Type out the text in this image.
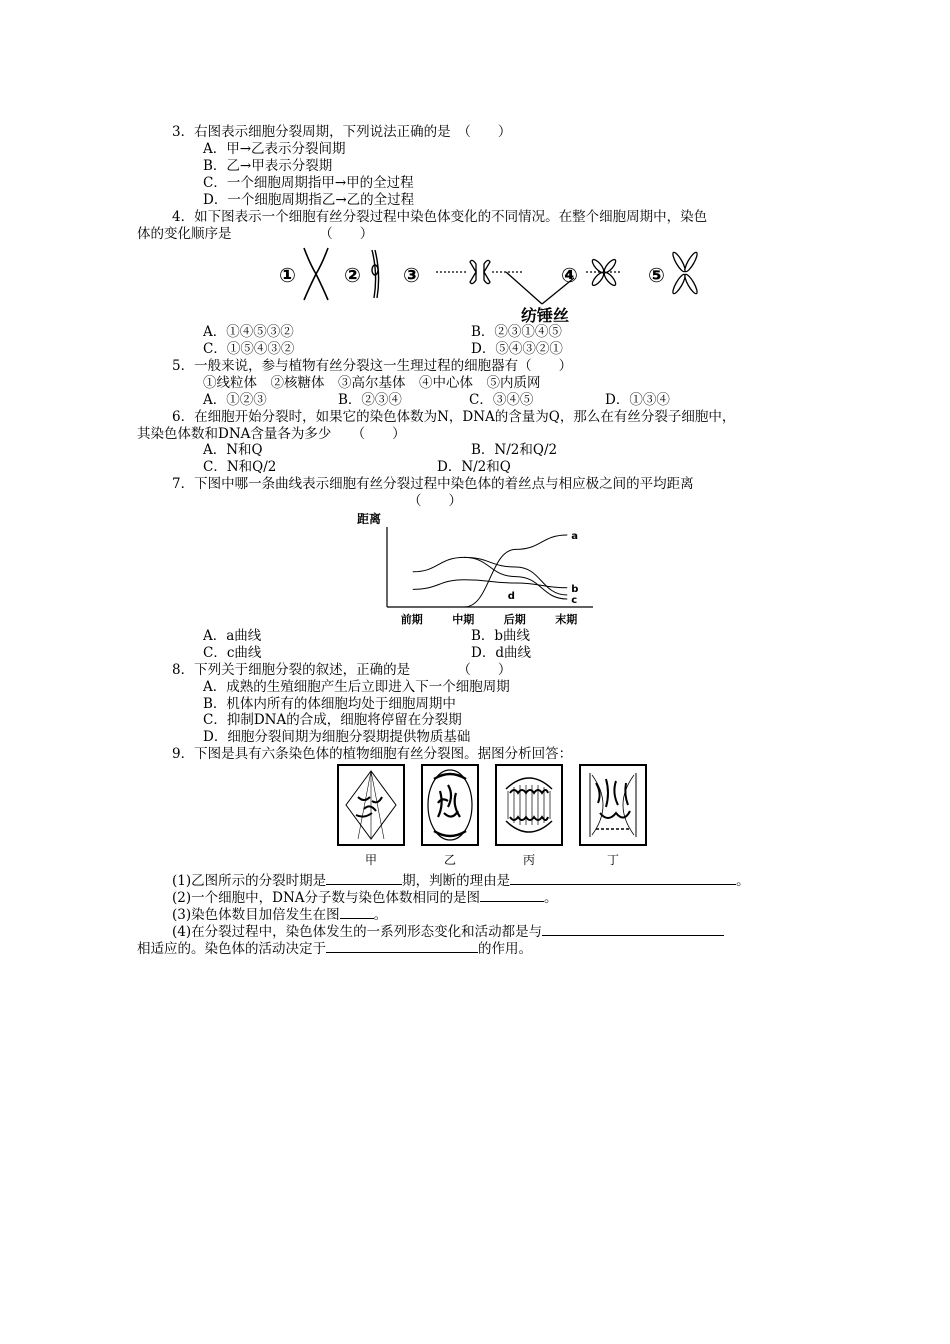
3．右图表示细胞分裂周期，下列说法正确的是　（　　）
A．甲→乙表示分裂间期
B．乙→甲表示分裂期
C．一个细胞周期指甲→甲的全过程
D．一个细胞周期指乙→乙的全过程
4．如下图表示一个细胞有丝分裂过程中染色体变化的不同情况。在整个细胞周期中，染色
体的变化顺序是　　　　　　　（　　）
① ② ③	④	⑤
纺锤丝
A．①④⑤③②	B．②③①④⑤
C．①⑤④③②	D．⑤④③②①
5．一般来说，参与植物有丝分裂这一生理过程的细胞器有（　　）
①线粒体　②核糖体　③高尔基体　④中心体　⑤内质网
A．①②③	B．②③④	C．③④⑤	D．①③④
6．在细胞开始分裂时，如果它的染色体数为N，DNA的含量为Q，那么在有丝分裂子细胞中，
其染色体数和DNA含量各为多少　　（　　）
A．N和Q	B．N/2和Q/2
C．N和Q/2	D．N/2和Q
7．下图中哪一条曲线表示细胞有丝分裂过程中染色体的着丝点与相应极之间的平均距离
（　　）
距离
a
b
c
d
前期	中期	后期	末期
A．a曲线	B．b曲线
C．c曲线	D．d曲线
8．下列关于细胞分裂的叙述，正确的是　　　　（　　）
A．成熟的生殖细胞产生后立即进入下一个细胞周期
B．机体内所有的体细胞均处于细胞周期中
C．抑制DNA的合成，细胞将停留在分裂期
D．细胞分裂间期为细胞分裂期提供物质基础
9．下图是具有六条染色体的植物细胞有丝分裂图。据图分析回答：
甲	乙	丙	丁
(1)乙图所示的分裂时期是	期，判断的理由是	。
(2)一个细胞中，DNA分子数与染色体数相同的是图	。
(3)染色体数目加倍发生在图	。
(4)在分裂过程中，染色体发生的一系列形态变化和活动都是与
相适应的。染色体的活动决定于	的作用。
